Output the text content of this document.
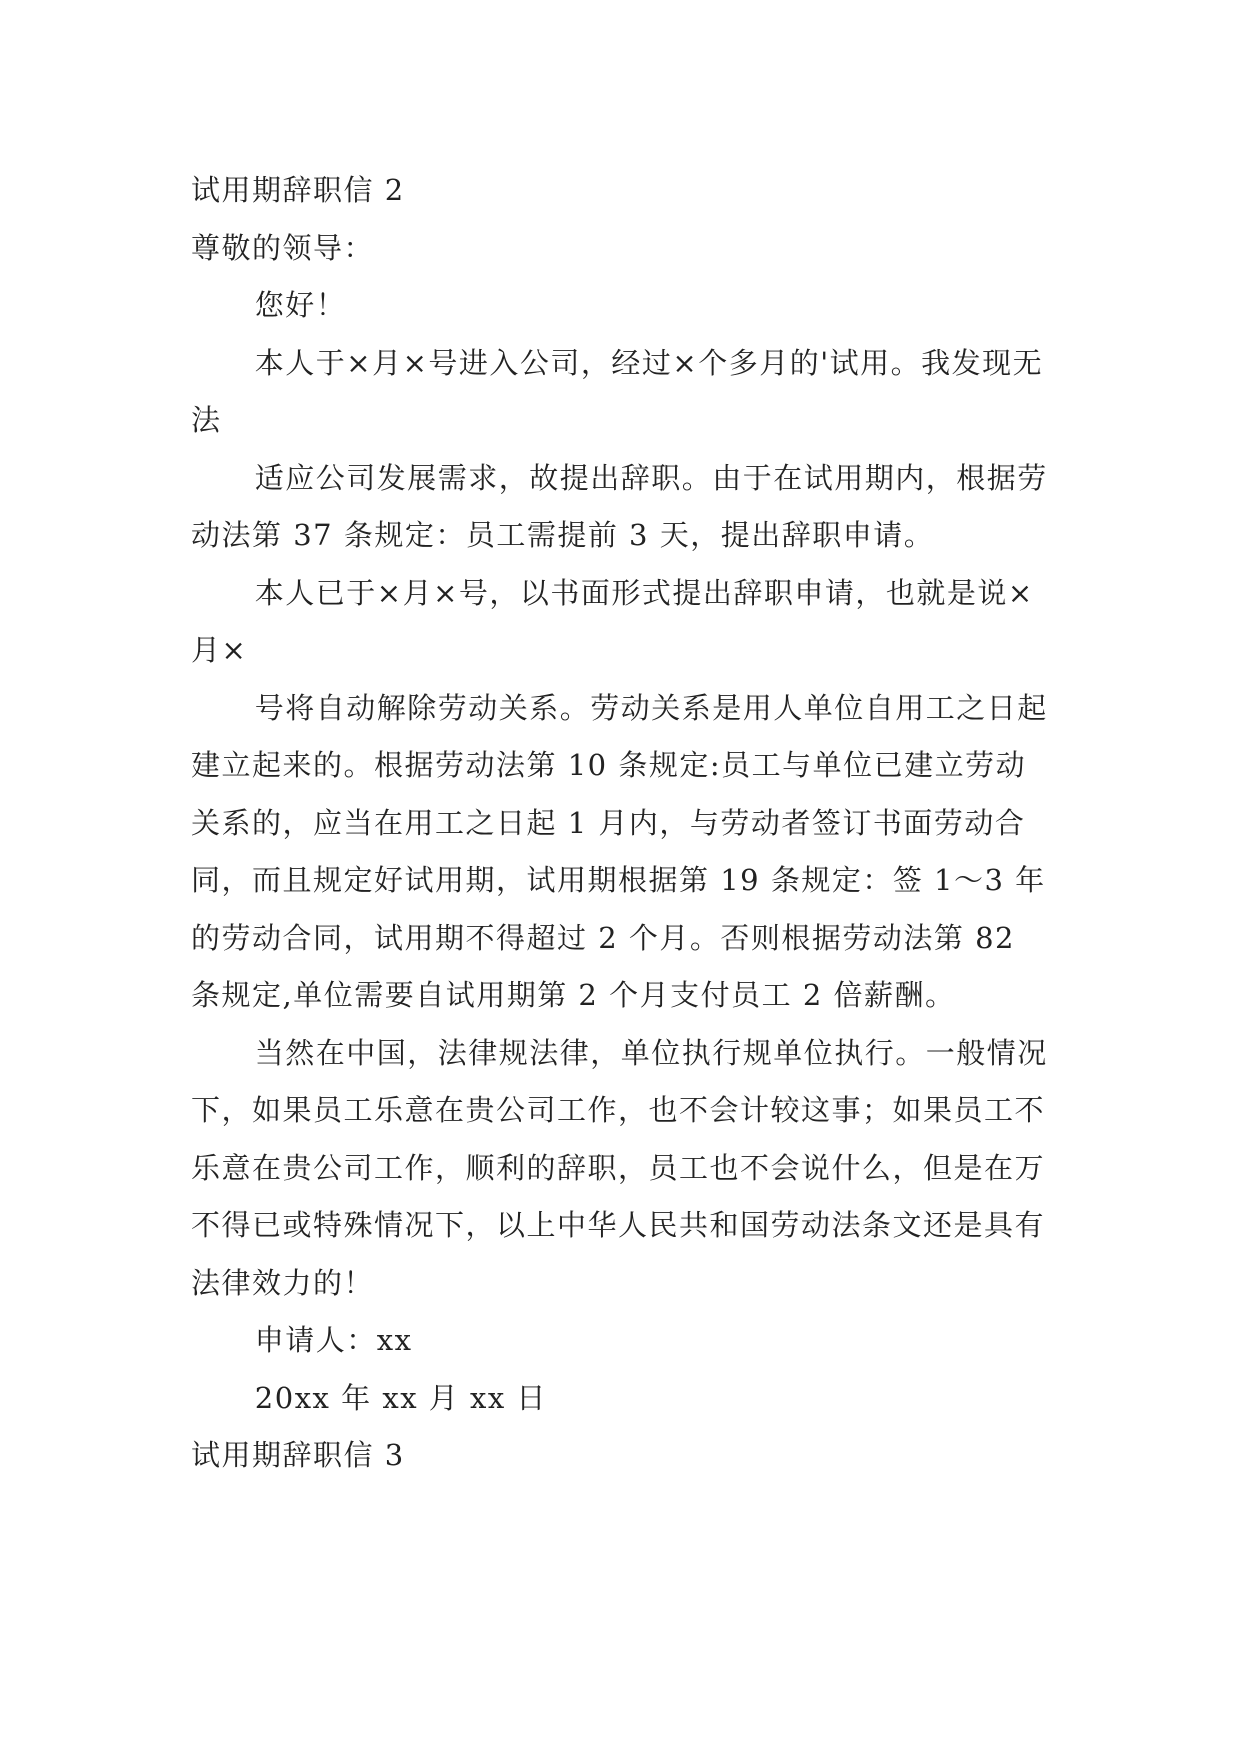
试用期辞职信 2

尊敬的领导：

您好！

本人于×月×号进入公司，经过×个多月的'试用。我发现无法

适应公司发展需求，故提出辞职。由于在试用期内，根据劳动法第 37 条规定：员工需提前 3 天，提出辞职申请。

本人已于×月×号，以书面形式提出辞职申请，也就是说×月×

号将自动解除劳动关系。劳动关系是用人单位自用工之日起建立起来的。根据劳动法第 10 条规定:员工与单位已建立劳动关系的，应当在用工之日起 1 月内，与劳动者签订书面劳动合同，而且规定好试用期，试用期根据第 19 条规定：签 1～3 年的劳动合同，试用期不得超过 2 个月。否则根据劳动法第 82 条规定,单位需要自试用期第 2 个月支付员工 2 倍薪酬。

当然在中国，法律规法律，单位执行规单位执行。一般情况下，如果员工乐意在贵公司工作，也不会计较这事；如果员工不乐意在贵公司工作，顺利的辞职，员工也不会说什么，但是在万不得已或特殊情况下，以上中华人民共和国劳动法条文还是具有法律效力的！

申请人：xx

20xx 年 xx 月 xx 日

试用期辞职信 3
